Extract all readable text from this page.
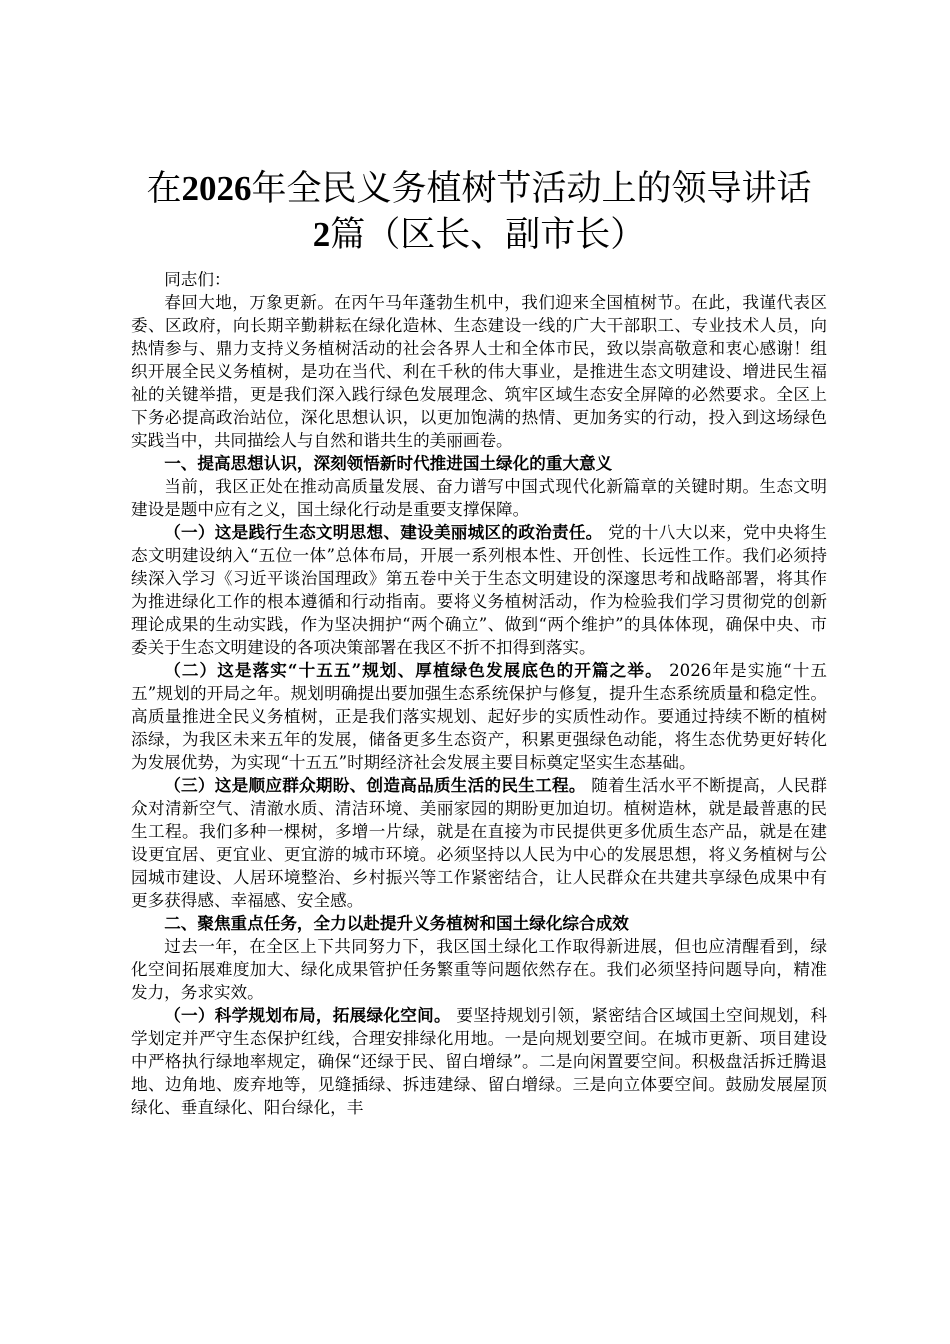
在2026年全民义务植树节活动上的领导讲话
2篇（区长、副市长）

同志们：

春回大地，万象更新。在丙午马年蓬勃生机中，我们迎来全国植树节。在此，我谨代表区委、区政府，向长期辛勤耕耘在绿化造林、生态建设一线的广大干部职工、专业技术人员，向热情参与、鼎力支持义务植树活动的社会各界人士和全体市民，致以崇高敬意和衷心感谢！组织开展全民义务植树，是功在当代、利在千秋的伟大事业，是推进生态文明建设、增进民生福祉的关键举措，更是我们深入践行绿色发展理念、筑牢区域生态安全屏障的必然要求。全区上下务必提高政治站位，深化思想认识，以更加饱满的热情、更加务实的行动，投入到这场绿色实践当中，共同描绘人与自然和谐共生的美丽画卷。

一、提高思想认识，深刻领悟新时代推进国土绿化的重大意义

当前，我区正处在推动高质量发展、奋力谱写中国式现代化新篇章的关键时期。生态文明建设是题中应有之义，国土绿化行动是重要支撑保障。

（一）这是践行生态文明思想、建设美丽城区的政治责任。 党的十八大以来，党中央将生态文明建设纳入“五位一体”总体布局，开展一系列根本性、开创性、长远性工作。我们必须持续深入学习《习近平谈治国理政》第五卷中关于生态文明建设的深邃思考和战略部署，将其作为推进绿化工作的根本遵循和行动指南。要将义务植树活动，作为检验我们学习贯彻党的创新理论成果的生动实践，作为坚决拥护“两个确立”、做到“两个维护”的具体体现，确保中央、市委关于生态文明建设的各项决策部署在我区不折不扣得到落实。

（二）这是落实“十五五”规划、厚植绿色发展底色的开篇之举。 2026年是实施“十五五”规划的开局之年。规划明确提出要加强生态系统保护与修复，提升生态系统质量和稳定性。高质量推进全民义务植树，正是我们落实规划、起好步的实质性动作。要通过持续不断的植树添绿，为我区未来五年的发展，储备更多生态资产，积累更强绿色动能，将生态优势更好转化为发展优势，为实现“十五五”时期经济社会发展主要目标奠定坚实生态基础。

（三）这是顺应群众期盼、创造高品质生活的民生工程。 随着生活水平不断提高，人民群众对清新空气、清澈水质、清洁环境、美丽家园的期盼更加迫切。植树造林，就是最普惠的民生工程。我们多种一棵树，多增一片绿，就是在直接为市民提供更多优质生态产品，就是在建设更宜居、更宜业、更宜游的城市环境。必须坚持以人民为中心的发展思想，将义务植树与公园城市建设、人居环境整治、乡村振兴等工作紧密结合，让人民群众在共建共享绿色成果中有更多获得感、幸福感、安全感。

二、聚焦重点任务，全力以赴提升义务植树和国土绿化综合成效

过去一年，在全区上下共同努力下，我区国土绿化工作取得新进展，但也应清醒看到，绿化空间拓展难度加大、绿化成果管护任务繁重等问题依然存在。我们必须坚持问题导向，精准发力，务求实效。

（一）科学规划布局，拓展绿化空间。 要坚持规划引领，紧密结合区域国土空间规划，科学划定并严守生态保护红线，合理安排绿化用地。一是向规划要空间。在城市更新、项目建设中严格执行绿地率规定，确保“还绿于民、留白增绿”。二是向闲置要空间。积极盘活拆迁腾退地、边角地、废弃地等，见缝插绿、拆违建绿、留白增绿。三是向立体要空间。鼓励发展屋顶绿化、垂直绿化、阳台绿化，丰
